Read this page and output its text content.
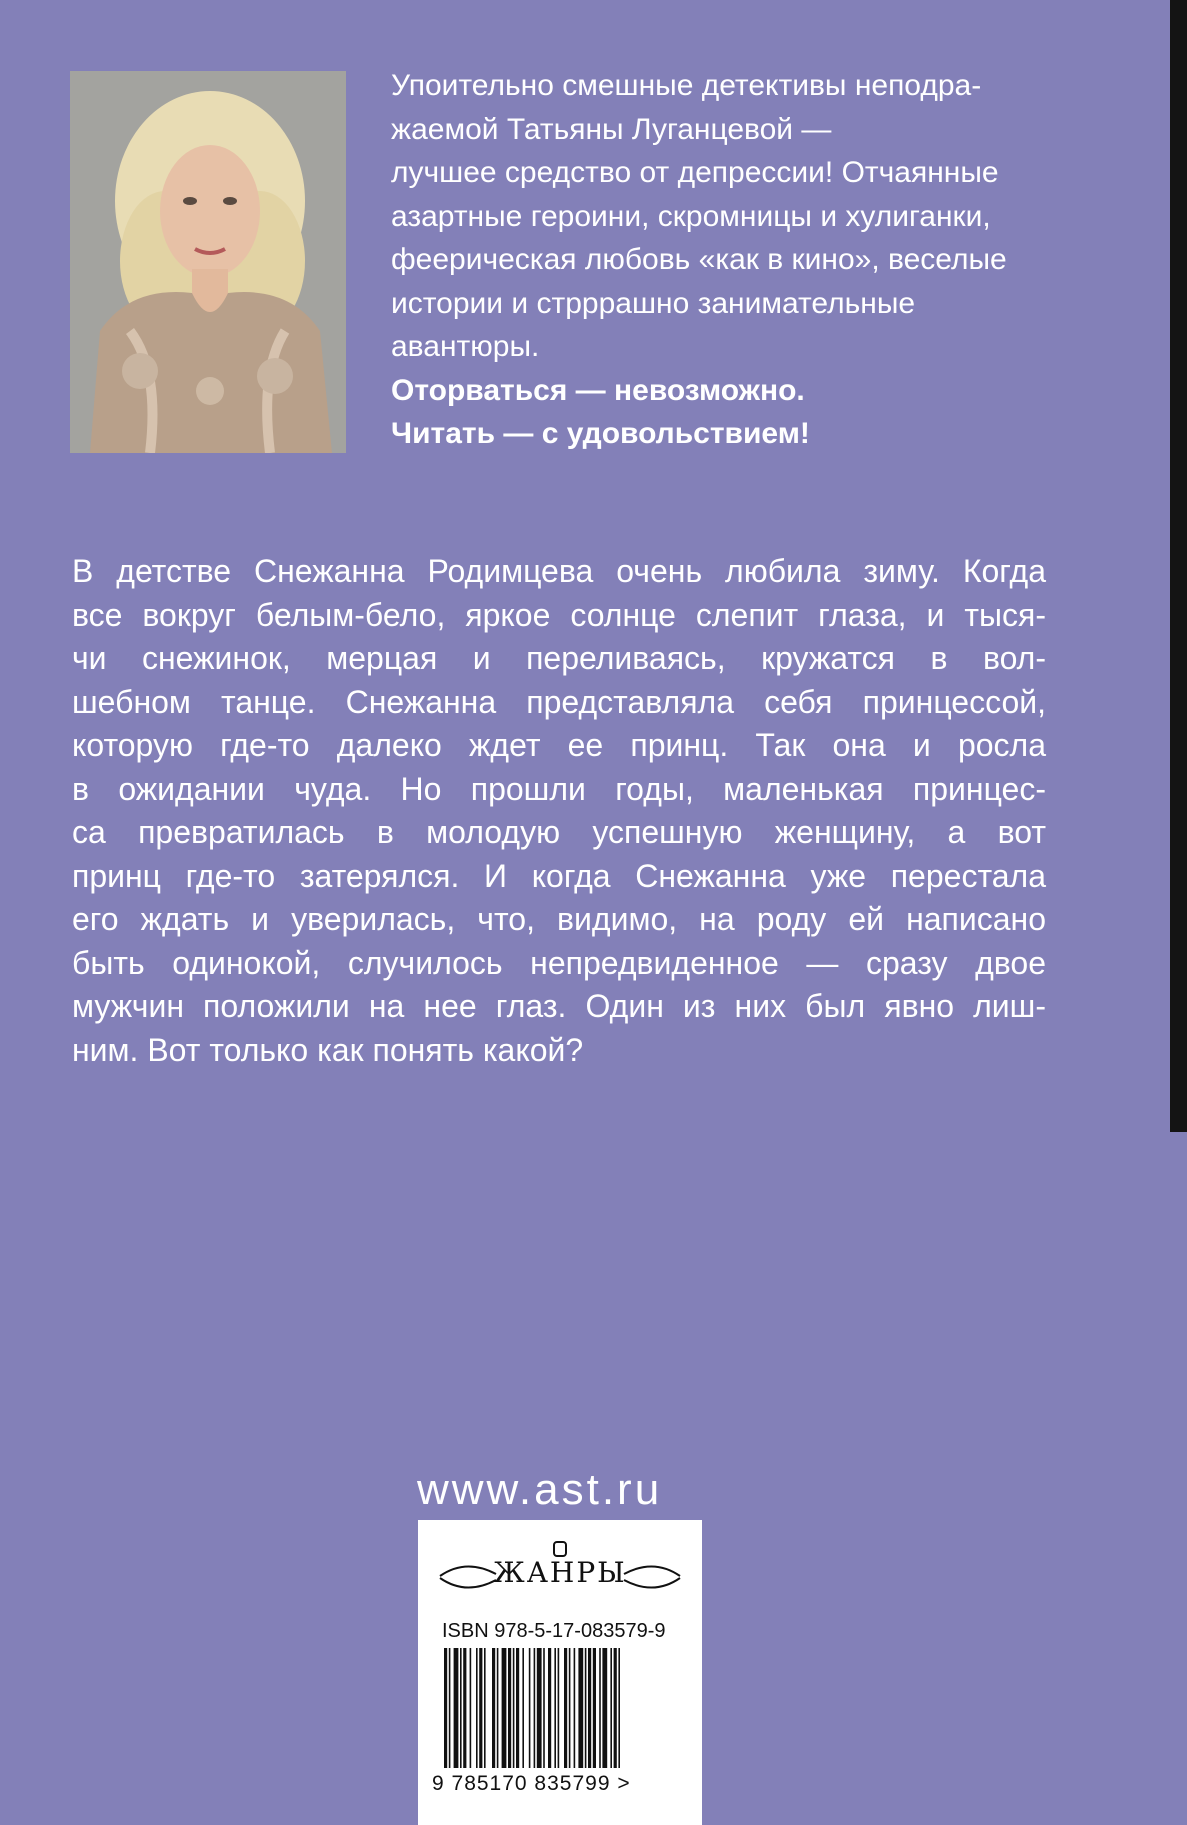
Упоительно смешные детективы неподра-
жаемой Татьяны Луганцевой —
лучшее средство от депрессии! Отчаянные
азартные героини, скромницы и хулиганки,
феерическая любовь «как в кино», веселые
истории и стрррашно занимательные
авантюры.
Оторваться — невозможно.
Читать — с удовольствием!
В детстве Снежанна Родимцева очень любила зиму. Когда
все вокруг белым-бело, яркое солнце слепит глаза, и тыся-
чи снежинок, мерцая и переливаясь, кружатся в вол-
шебном танце. Снежанна представляла себя принцессой,
которую где-то далеко ждет ее принц. Так она и росла
в ожидании чуда. Но прошли годы, маленькая принцес-
са превратилась в молодую успешную женщину, а вот
принц где-то затерялся. И когда Снежанна уже перестала
его ждать и уверилась, что, видимо, на роду ей написано
быть одинокой, случилось непредвиденное — сразу двое
мужчин положили на нее глаз. Один из них был явно лиш-
ним. Вот только как понять какой?
www.ast.ru
ЖАНРЫ
ISBN 978-5-17-083579-9
9 785170 835799 >
